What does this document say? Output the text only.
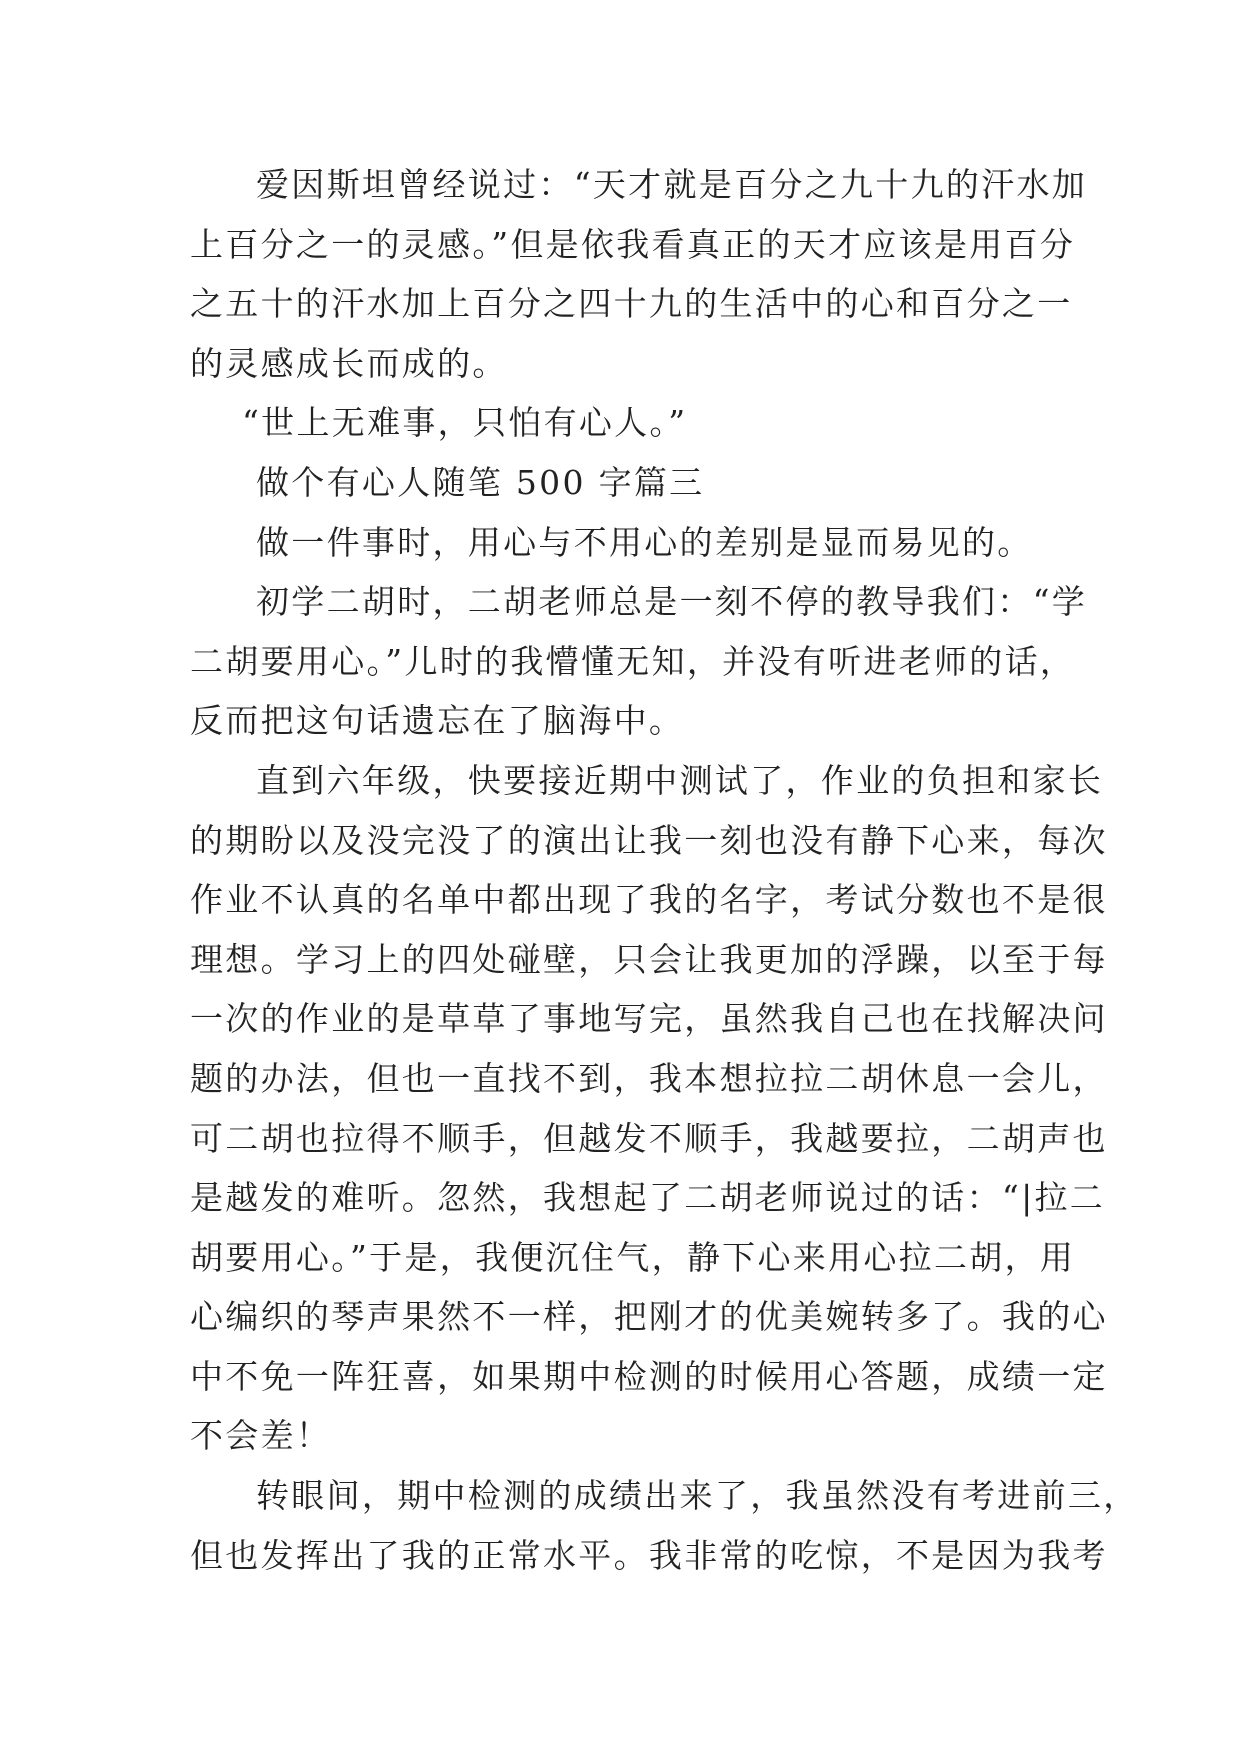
爱因斯坦曾经说过：“天才就是百分之九十九的汗水加
上百分之一的灵感。”但是依我看真正的天才应该是用百分
之五十的汗水加上百分之四十九的生活中的心和百分之一
的灵感成长而成的。
“世上无难事，只怕有心人。”
做个有心人随笔 500 字篇三
做一件事时，用心与不用心的差别是显而易见的。
初学二胡时，二胡老师总是一刻不停的教导我们：“学
二胡要用心。”儿时的我懵懂无知，并没有听进老师的话，
反而把这句话遗忘在了脑海中。
直到六年级，快要接近期中测试了，作业的负担和家长
的期盼以及没完没了的演出让我一刻也没有静下心来，每次
作业不认真的名单中都出现了我的名字，考试分数也不是很
理想。学习上的四处碰壁，只会让我更加的浮躁，以至于每
一次的作业的是草草了事地写完，虽然我自己也在找解决问
题的办法，但也一直找不到，我本想拉拉二胡休息一会儿，
可二胡也拉得不顺手，但越发不顺手，我越要拉，二胡声也
是越发的难听。忽然，我想起了二胡老师说过的话：“|拉二
胡要用心。”于是，我便沉住气，静下心来用心拉二胡，用
心编织的琴声果然不一样，把刚才的优美婉转多了。我的心
中不免一阵狂喜，如果期中检测的时候用心答题，成绩一定
不会差！
转眼间，期中检测的成绩出来了，我虽然没有考进前三，
但也发挥出了我的正常水平。我非常的吃惊，不是因为我考
